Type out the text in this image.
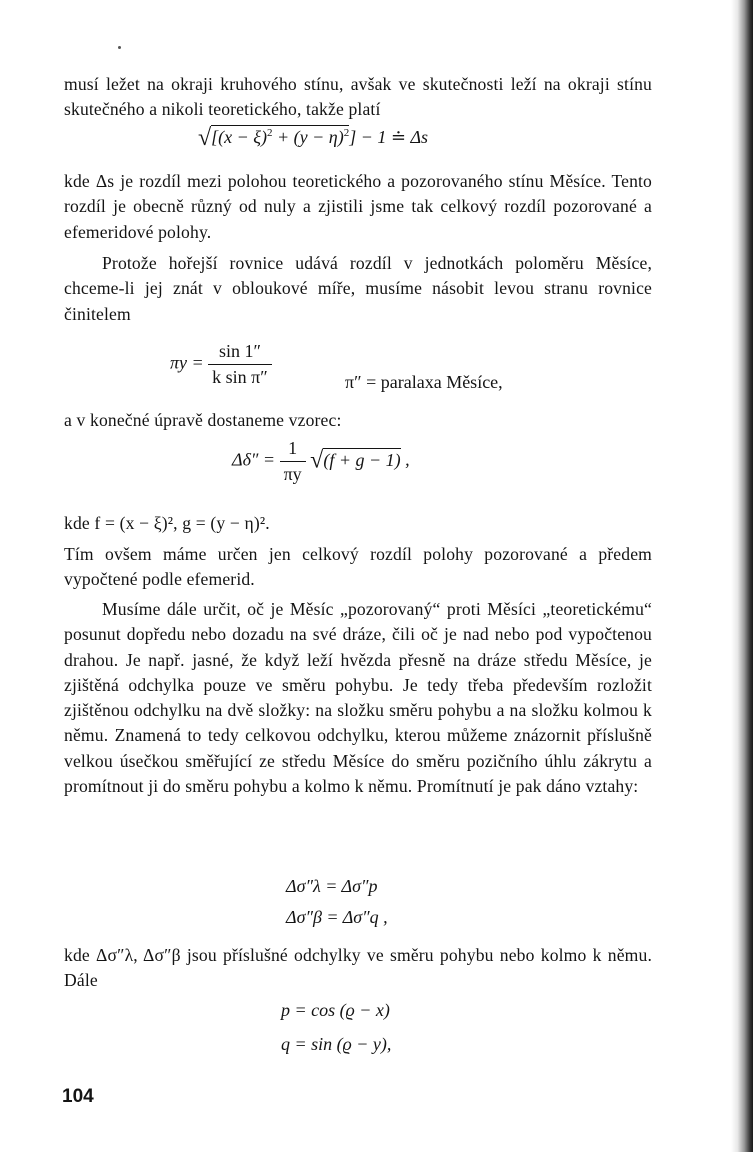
musí ležet na okraji kruhového stínu, avšak ve skutečnosti leží na okraji stínu skutečného a nikoli teoretického, takže platí

$√[(x - \xi)^2 + (y - \eta)^2] - 1$ ≐ Δs

kde Δs je rozdíl mezi polohou teoretického a pozorovaného stínu Měsíce. Tento rozdíl je obecně různý od nuly a zjistili jsme tak celkový rozdíl pozorované a efemeridové polohy.

Protože hořejší rovnice udává rozdíl v jednotkách poloměru Měsíce, chceme-li jej znát v obloukové míře, musíme násobit levou stranu rovnice činitelem

$\pi y = \frac{\sin 1''}{\text{k sin π″}}$	π″ = paralaxa Měsíce,

a v konečné úpravě dostaneme vzorec:

$\Delta\delta'' = \frac{1}{\pi y} √(f + g - 1)$ ,

kde f = (x − ξ)², g = (y − η)².

Tím ovšem máme určen jen celkový rozdíl polohy pozorované a předem vypočtené podle efemerid.

Musíme dále určit, oč je Měsíc „pozorovaný“ proti Měsíci „teoretickému“ posunut dopředu nebo dozadu na své dráze, čili oč je nad nebo pod vypočtenou drahou. Je např. jasné, že když leží hvězda přesně na dráze středu Měsíce, je zjištěná odchylka pouze ve směru pohybu. Je tedy třeba především rozložit zjištěnou odchylku na dvě složky: na složku směru pohybu a na složku kolmou k němu. Znamená to tedy celkovou odchylku, kterou můžeme znázornit příslušně velkou úsečkou směřující ze středu Měsíce do směru pozičního úhlu zákrytu a promítnout ji do směru pohybu a kolmo k němu. Promítnutí je pak dáno vztahy:

Δσ″λ = Δσ″p
Δσ″β = Δσ″q ,

kde Δσ″λ, Δσ″β jsou příslušné odchylky ve směru pohybu nebo kolmo k němu. Dále

p = cos (ϱ − x)
q = sin (ϱ − y),
104
